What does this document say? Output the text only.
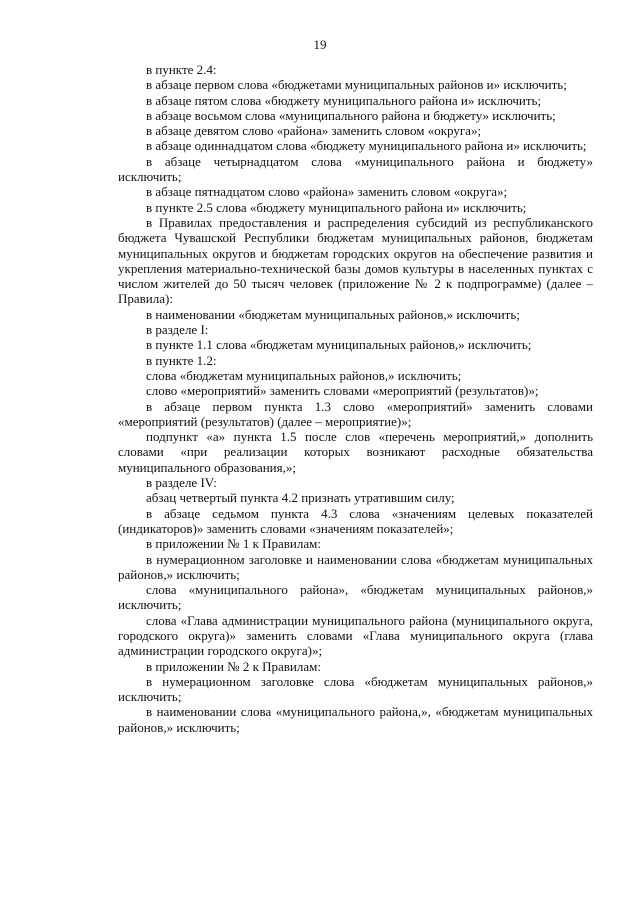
19

в пункте 2.4:

в абзаце первом слова «бюджетами муниципальных районов и» исключить;

в абзаце пятом слова «бюджету муниципального района и» исключить;

в абзаце восьмом слова «муниципального района и бюджету» исключить;

в абзаце девятом слово «района» заменить словом «округа»;

в абзаце одиннадцатом слова «бюджету муниципального района и» исключить;

в абзаце четырнадцатом слова «муниципального района и бюджету» исключить;

в абзаце пятнадцатом слово «района» заменить словом «округа»;

в пункте 2.5 слова «бюджету муниципального района и» исключить;

в Правилах предоставления и распределения субсидий из республиканского бюджета Чувашской Республики бюджетам муниципальных районов, бюджетам муниципальных округов и бюджетам городских округов на обеспечение развития и укрепления материально-технической базы домов культуры в населенных пунктах с числом жителей до 50 тысяч человек (приложение № 2 к подпрограмме) (далее – Правила):

в наименовании «бюджетам муниципальных районов,» исключить;

в разделе I:

в пункте 1.1 слова «бюджетам муниципальных районов,» исключить;

в пункте 1.2:

слова «бюджетам муниципальных районов,» исключить;

слово «мероприятий» заменить словами «мероприятий (результатов)»;

в абзаце первом пункта 1.3 слово «мероприятий» заменить словами «мероприятий (результатов) (далее – мероприятие)»;

подпункт «а» пункта 1.5 после слов «перечень мероприятий,» дополнить словами «при реализации которых возникают расходные обязательства муниципального образования,»;

в разделе IV:

абзац четвертый пункта 4.2 признать утратившим силу;

в абзаце седьмом пункта 4.3 слова «значениям целевых показателей (индикаторов)» заменить словами «значениям показателей»;

в приложении № 1 к Правилам:

в нумерационном заголовке и наименовании слова «бюджетам муниципальных районов,» исключить;

слова «муниципального района», «бюджетам муниципальных районов,» исключить;

слова «Глава администрации муниципального района (муниципального округа, городского округа)» заменить словами «Глава муниципального округа (глава администрации городского округа)»;

в приложении № 2 к Правилам:

в нумерационном заголовке слова «бюджетам муниципальных районов,» исключить;

в наименовании слова «муниципального района,», «бюджетам муниципальных районов,» исключить;
